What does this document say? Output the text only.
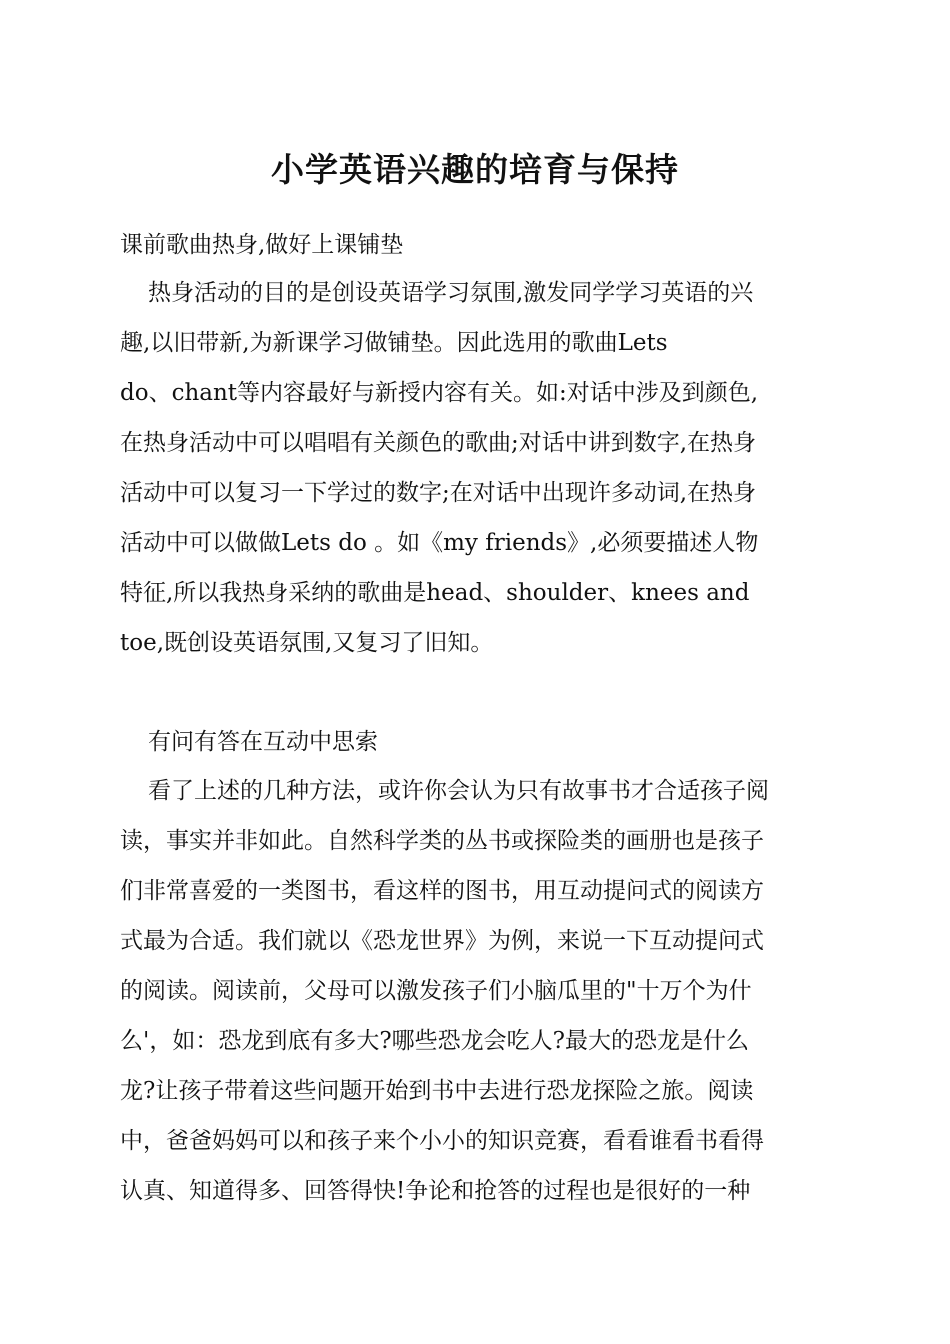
小学英语兴趣的培育与保持
课前歌曲热身,做好上课铺垫
热身活动的目的是创设英语学习氛围,激发同学学习英语的兴
趣,以旧带新,为新课学习做铺垫。因此选用的歌曲Lets
do、chant等内容最好与新授内容有关。如:对话中涉及到颜色,
在热身活动中可以唱唱有关颜色的歌曲;对话中讲到数字,在热身
活动中可以复习一下学过的数字;在对话中出现许多动词,在热身
活动中可以做做Lets do 。如《my friends》,必须要描述人物
特征,所以我热身采纳的歌曲是head、shoulder、knees and
toe,既创设英语氛围,又复习了旧知。
有问有答在互动中思索
看了上述的几种方法，或许你会认为只有故事书才合适孩子阅
读，事实并非如此。自然科学类的丛书或探险类的画册也是孩子
们非常喜爱的一类图书，看这样的图书，用互动提问式的阅读方
式最为合适。我们就以《恐龙世界》为例，来说一下互动提问式
的阅读。阅读前，父母可以激发孩子们小脑瓜里的"十万个为什
么'，如：恐龙到底有多大?哪些恐龙会吃人?最大的恐龙是什么
龙?让孩子带着这些问题开始到书中去进行恐龙探险之旅。阅读
中，爸爸妈妈可以和孩子来个小小的知识竞赛，看看谁看书看得
认真、知道得多、回答得快!争论和抢答的过程也是很好的一种
